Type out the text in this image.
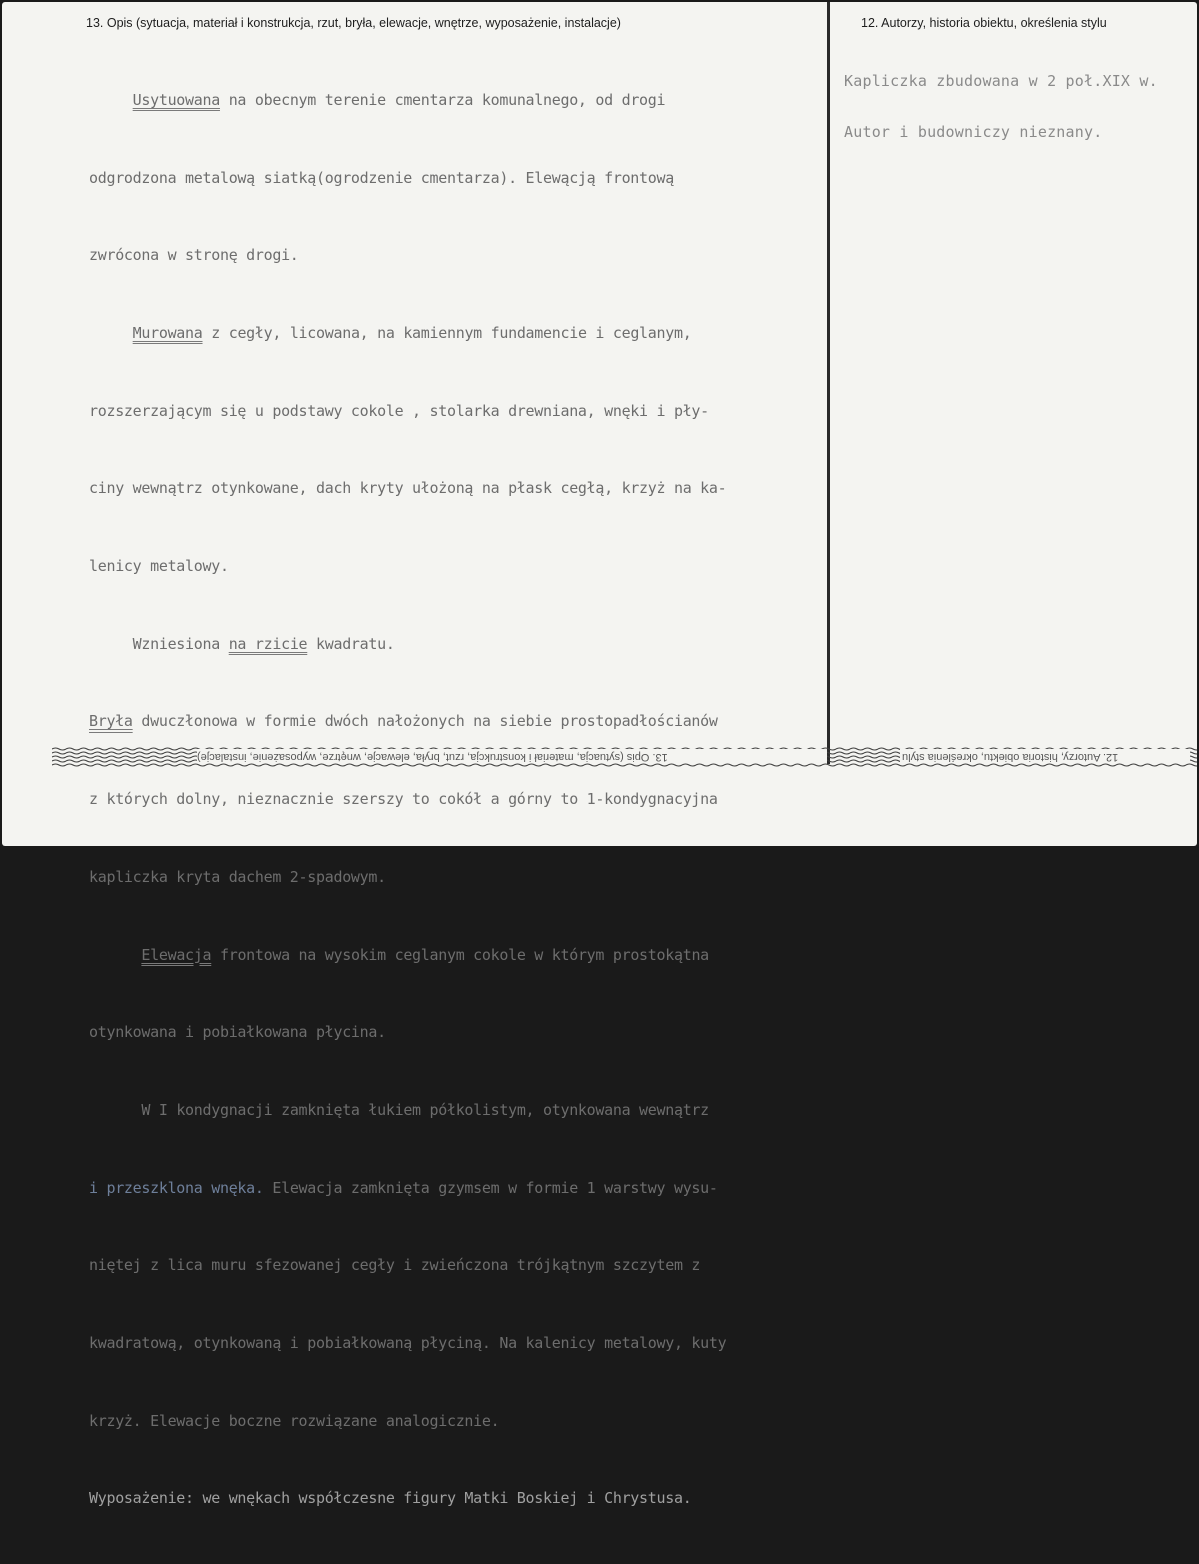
13. Opis (sytuacja, materiał i konstrukcja, rzut, bryła, elewacje, wnętrze, wyposażenie, instalacje)	12. Autorzy, historia obiektu, określenia stylu

Usytuowana na obecnym terenie cmentarza komunalnego, od drogi

odgrodzona metalową siatką(ogrodzenie cmentarza). Elewącją frontową

zwrócona w stronę drogi.

Murowana z cegły, licowana, na kamiennym fundamencie i ceglanym,

rozszerzającym się u podstawy cokole , stolarka drewniana, wnęki i pły-

ciny wewnątrz otynkowane, dach kryty ułożoną na płask cegłą, krzyż na ka-

lenicy metalowy.

Wzniesiona na rzicie kwadratu.

Bryła dwuczłonowa w formie dwóch nałożonych na siebie prostopadłościanów

z których dolny, nieznacznie szerszy to cokół a górny to 1-kondygnacyjna

kapliczka kryta dachem 2-spadowym.

Elewacja frontowa na wysokim ceglanym cokole w którym prostokątna

otynkowana i pobiałkowana płycina.

W I kondygnacji zamknięta łukiem półkolistym, otynkowana wewnątrz

i przeszklona wnęka. Elewacja zamknięta gzymsem w formie 1 warstwy wysu-

niętej z lica muru sfezowanej cegły i zwieńczona trójkątnym szczytem z

kwadratową, otynkowaną i pobiałkowaną płyciną. Na kalenicy metalowy, kuty

krzyż. Elewacje boczne rozwiązane analogicznie.

Wyposażenie: we wnękach współczesne figury Matki Boskiej i Chrystusa.

Kapliczka zbudowana w 2 poł.XIX w.

Autor i budowniczy nieznany.

13. Opis (sytuacja, materiał i konstrukcja, rzut, bryła, elewacje, wnętrze, wyposażenie, instalacje)	12. Autorzy, historia obiektu, określenia stylu
